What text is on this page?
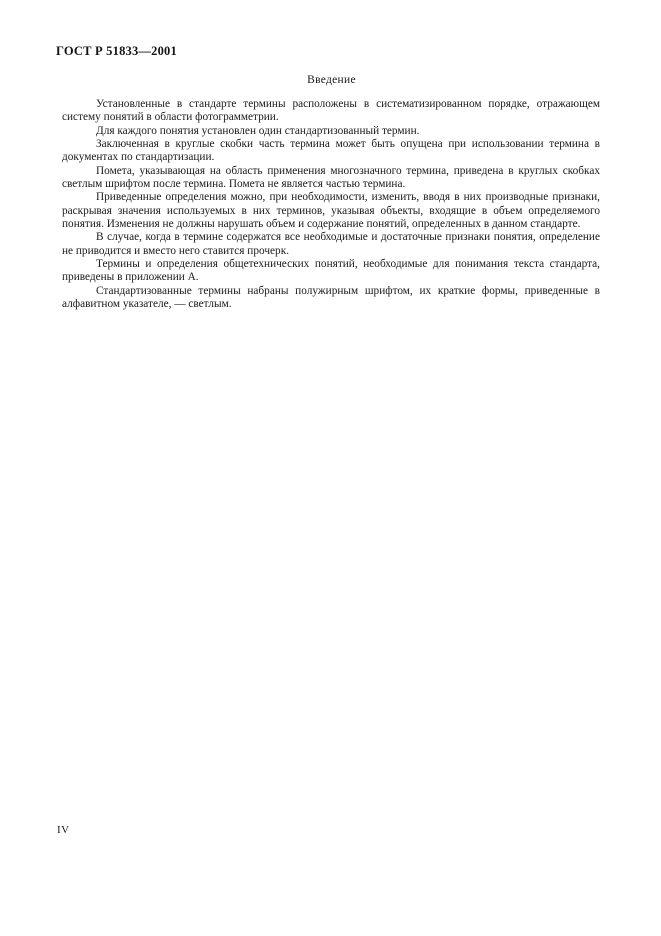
ГОСТ Р 51833—2001
Введение

Установленные в стандарте термины расположены в систематизированном порядке, отражающем систему понятий в области фотограмметрии.

Для каждого понятия установлен один стандартизованный термин.

Заключенная в круглые скобки часть термина может быть опущена при использовании термина в документах по стандартизации.

Помета, указывающая на область применения многозначного термина, приведена в круглых скобках светлым шрифтом после термина. Помета не является частью термина.

Приведенные определения можно, при необходимости, изменить, вводя в них производные признаки, раскрывая значения используемых в них терминов, указывая объекты, входящие в объем определяемого понятия. Изменения не должны нарушать объем и содержание понятий, определенных в данном стандарте.

В случае, когда в термине содержатся все необходимые и достаточные признаки понятия, определение не приводится и вместо него ставится прочерк.

Термины и определения общетехнических понятий, необходимые для понимания текста стандарта, приведены в приложении А.

Стандартизованные термины набраны полужирным шрифтом, их краткие формы, приведенные в алфавитном указателе, — светлым.

IV
